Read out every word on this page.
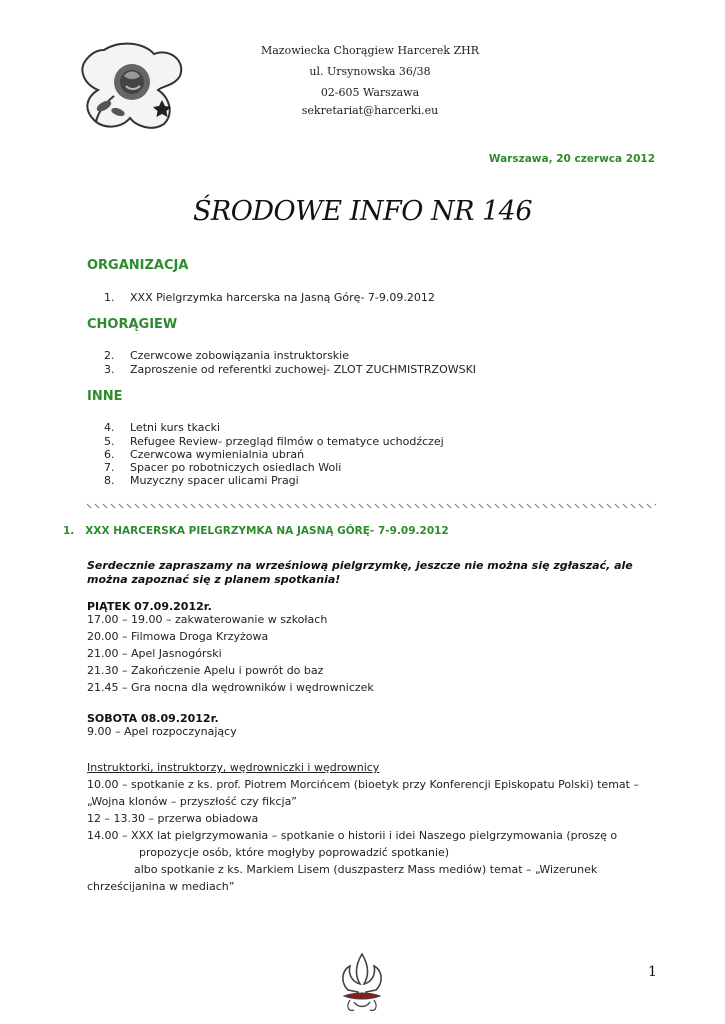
Mazowiecka Chorągiew Harcerek ZHR
ul. Ursynowska 36/38
02-605 Warszawa
sekretariat@harcerki.eu
Warszawa, 20 czerwca 2012
ŚRODOWE INFO NR 146
ORGANIZACJA
1. XXX Pielgrzymka harcerska na Jasną Górę- 7-9.09.2012
CHORĄGIEW
2. Czerwcowe zobowiązania instruktorskie
3. Zaproszenie od referentki zuchowej- ZLOT ZUCHMISTRZOWSKI
INNE
4. Letni kurs tkacki
5. Refugee Review- przegląd filmów o tematyce uchodźczej
6. Czerwcowa wymienialnia ubrań
7. Spacer po robotniczych osiedlach Woli
8. Muzyczny spacer ulicami Pragi
1.   XXX HARCERSKA PIELGRZYMKA NA JASNĄ GÓRĘ- 7-9.09.2012
Serdecznie zapraszamy na wrześniową pielgrzymkę, jeszcze nie można się zgłaszać, ale
można zapoznać się z planem spotkania!
PIĄTEK 07.09.2012r.
17.00 – 19.00 – zakwaterowanie w szkołach
20.00 – Filmowa Droga Krzyżowa
21.00 – Apel Jasnogórski
21.30 – Zakończenie Apelu i powrót do baz
21.45 – Gra nocna dla wędrowników i wędrowniczek
SOBOTA 08.09.2012r.
9.00 – Apel rozpoczynający
Instruktorki, instruktorzy, wędrowniczki i wędrownicy
10.00 – spotkanie z ks. prof. Piotrem Morcińcem (bioetyk przy Konferencji Episkopatu Polski) temat –
„Wojna klonów – przyszłość czy fikcja”
12 – 13.30 – przerwa obiadowa
14.00 – XXX lat pielgrzymowania – spotkanie o historii i idei Naszego pielgrzymowania (proszę o
propozycje osób, które mogłyby poprowadzić spotkanie)
albo spotkanie z ks. Markiem Lisem (duszpasterz Mass mediów) temat – „Wizerunek
chrześcijanina w mediach”
1
